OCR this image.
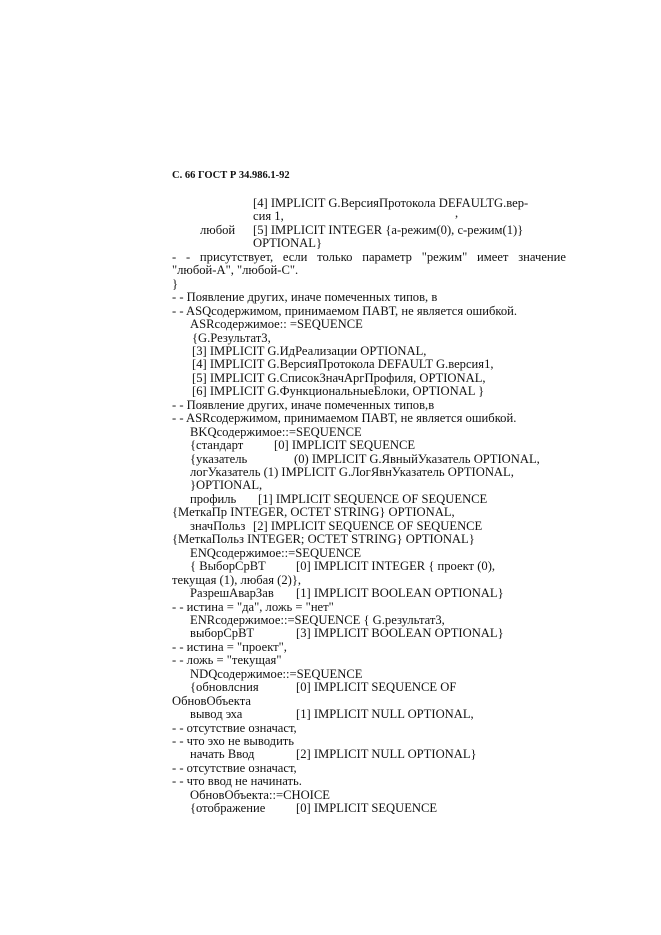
С. 66 ГОСТ Р 34.986.1-92
[4] IMPLICIT G.ВерсияПротокола DEFAULTG.вер-
сия 1,	,
любой [5] IMPLICIT INTEGER {а-режим(0), с-режим(1)}
OPTIONAL}
- - присутствует, если только параметр "режим" имеет значение
"любой-А", "любой-С".
}
- - Появление других, иначе помеченных типов, в
- - ASQсодержимом, принимаемом ПАВТ, не является ошибкой.
ASRсодержимое:: =SEQUENCE
{G.Результат3,
[3] IMPLICIT G.ИдРеализации OPTIONAL,
[4] IMPLICIT G.ВерсияПротокола DEFAULT G.версия1,
[5] IMPLICIT G.СписокЗначАргПрофиля, OPTIONAL,
[6] IMPLICIT G.ФункциональныеБлоки, OPTIONAL }
- - Появление других, иначе помеченных типов,в
- - ASRсодержимом, принимаемом ПАВТ, не является ошибкой.
BKQсодержимое::=SEQUENCE
{стандарт [0] IMPLICIT SEQUENCE
{указатель	(0) IMPLICIT G.ЯвныйУказатель OPTIONAL,
логУказатель (1) IMPLICIT G.ЛогЯвнУказатель OPTIONAL,
}OPTIONAL,
профиль [1] IMPLICIT SEQUENCE OF SEQUENCE
{МеткаПр INTEGER, OCTET STRING} OPTIONAL,
значПольз [2] IMPLICIT SEQUENCE OF SEQUENCE
{МеткаПольз INTEGER; OCTET STRING} OPTIONAL}
ENQсодержимое::=SEQUENCE
{ ВыборСрВТ [0] IMPLICIT INTEGER { проект (0),
текущая (1), любая (2)},
РазрешАварЗав [1] IMPLICIT BOOLEAN OPTIONAL}
- - истина = "да", ложь = "нет"
ENRсодержимое::=SEQUENCE { G.результат3,
выборСрВТ	[3] IMPLICIT BOOLEAN OPTIONAL}
- - истина = "проект",
- - ложь = "текущая"
NDQсодержимое::=SEQUENCE
{обновлсния	[0] IMPLICIT SEQUENCE OF
ОбновОбъекта
вывод эха	[1] IMPLICIT NULL OPTIONAL,
- - отсутствие означаст,
- - что эхо не выводить
начать Ввод	[2] IMPLICIT NULL OPTIONAL}
- - отсутствие означаст,
- - что ввод не начинать.
ОбновОбъекта::=CHOICE
{отображение [0] IMPLICIT SEQUENCE
